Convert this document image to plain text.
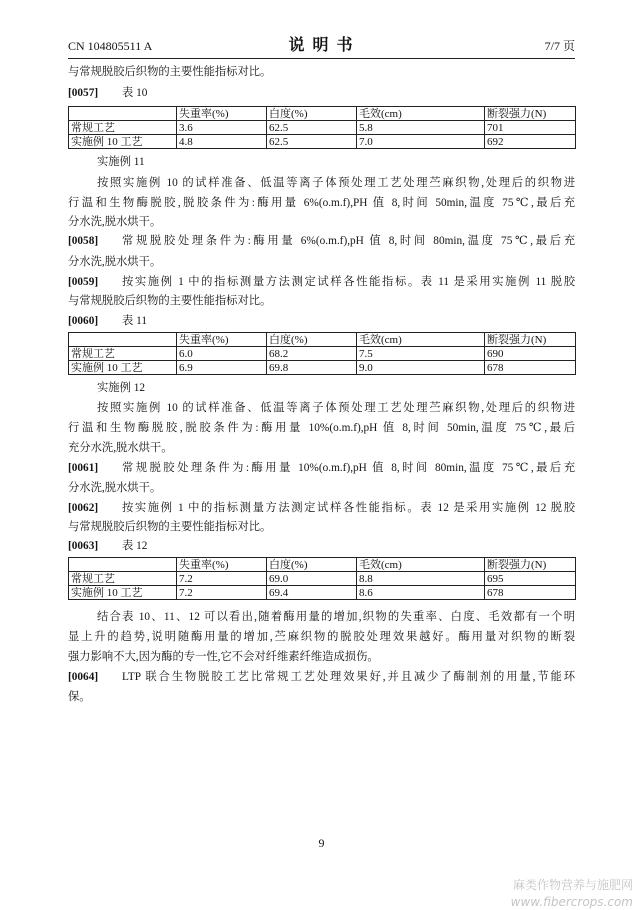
CN 104805511 A	说 明 书	7/7 页
与常规脱胶后织物的主要性能指标对比。
[0057] 表 10
	失重率(%)	白度(%)	毛效(cm)	断裂强力(N)
常规工艺	3.6	62.5	5.8	701
实施例 10 工艺	4.8	62.5	7.0	692
实施例 11
按照实施例 10 的试样准备、低温等离子体预处理工艺处理苎麻织物,处理后的织物进
行温和生物酶脱胶,脱胶条件为:酶用量 6%(o.m.f),PH 值 8,时间 50min,温度 75℃,最后充
分水洗,脱水烘干。
[0058] 常规脱胶处理条件为:酶用量 6%(o.m.f),pH 值 8,时间 80min,温度 75℃,最后充
分水洗,脱水烘干。
[0059] 按实施例 1 中的指标测量方法测定试样各性能指标。表 11 是采用实施例 11 脱胶
与常规脱胶后织物的主要性能指标对比。
[0060] 表 11
	失重率(%)	白度(%)	毛效(cm)	断裂强力(N)
常规工艺	6.0	68.2	7.5	690
实施例 10 工艺	6.9	69.8	9.0	678
实施例 12
按照实施例 10 的试样准备、低温等离子体预处理工艺处理苎麻织物,处理后的织物进
行温和生物酶脱胶,脱胶条件为:酶用量 10%(o.m.f),pH 值 8,时间 50min,温度 75℃,最后
充分水洗,脱水烘干。
[0061] 常规脱胶处理条件为:酶用量 10%(o.m.f),pH 值 8,时间 80min,温度 75℃,最后充
分水洗,脱水烘干。
[0062] 按实施例 1 中的指标测量方法测定试样各性能指标。表 12 是采用实施例 12 脱胶
与常规脱胶后织物的主要性能指标对比。
[0063] 表 12
	失重率(%)	白度(%)	毛效(cm)	断裂强力(N)
常规工艺	7.2	69.0	8.8	695
实施例 10 工艺	7.2	69.4	8.6	678
结合表 10、11、12 可以看出,随着酶用量的增加,织物的失重率、白度、毛效都有一个明
显上升的趋势,说明随酶用量的增加,苎麻织物的脱胶处理效果越好。酶用量对织物的断裂
强力影响不大,因为酶的专一性,它不会对纤维素纤维造成损伤。
[0064] LTP 联合生物脱胶工艺比常规工艺处理效果好,并且减少了酶制剂的用量,节能环
保。
9
麻类作物营养与施肥网
www.fibercrops.com
